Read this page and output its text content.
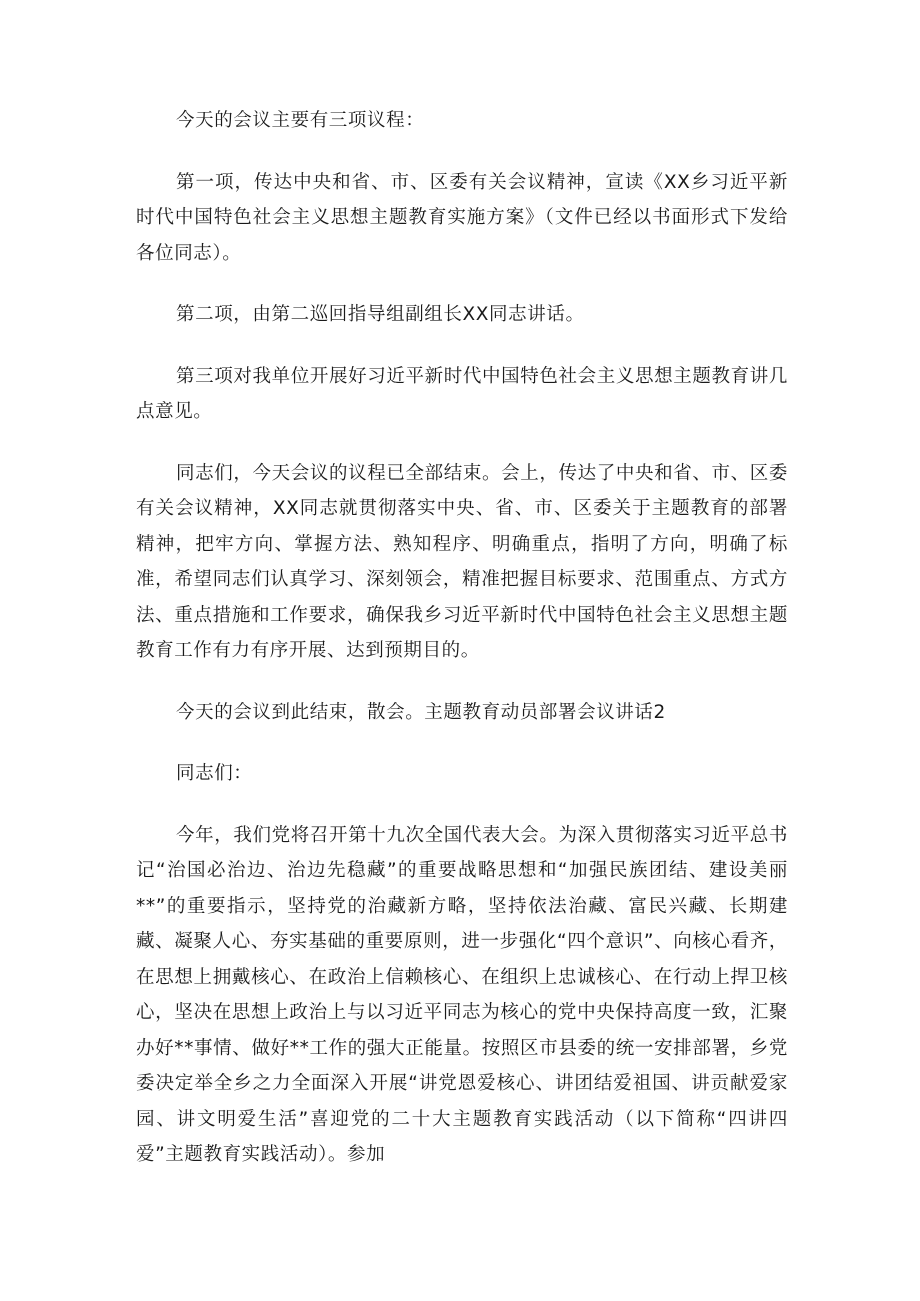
今天的会议主要有三项议程：

第一项，传达中央和省、市、区委有关会议精神，宣读《XX乡习近平新时代中国特色社会主义思想主题教育实施方案》（文件已经以书面形式下发给各位同志）。

第二项，由第二巡回指导组副组长XX同志讲话。

第三项对我单位开展好习近平新时代中国特色社会主义思想主题教育讲几点意见。

同志们，今天会议的议程已全部结束。会上，传达了中央和省、市、区委有关会议精神，XX同志就贯彻落实中央、省、市、区委关于主题教育的部署精神，把牢方向、掌握方法、熟知程序、明确重点，指明了方向，明确了标准，希望同志们认真学习、深刻领会，精准把握目标要求、范围重点、方式方法、重点措施和工作要求，确保我乡习近平新时代中国特色社会主义思想主题教育工作有力有序开展、达到预期目的。

今天的会议到此结束，散会。主题教育动员部署会议讲话2

同志们：

今年，我们党将召开第十九次全国代表大会。为深入贯彻落实习近平总书记“治国必治边、治边先稳藏”的重要战略思想和“加强民族团结、建设美丽**”的重要指示，坚持党的治藏新方略，坚持依法治藏、富民兴藏、长期建藏、凝聚人心、夯实基础的重要原则，进一步强化“四个意识”、向核心看齐，在思想上拥戴核心、在政治上信赖核心、在组织上忠诚核心、在行动上捍卫核心，坚决在思想上政治上与以习近平同志为核心的党中央保持高度一致，汇聚办好**事情、做好**工作的强大正能量。按照区市县委的统一安排部署，乡党委决定举全乡之力全面深入开展“讲党恩爱核心、讲团结爱祖国、讲贡献爱家园、讲文明爱生活”喜迎党的二十大主题教育实践活动（以下简称“四讲四爱”主题教育实践活动）。参加
